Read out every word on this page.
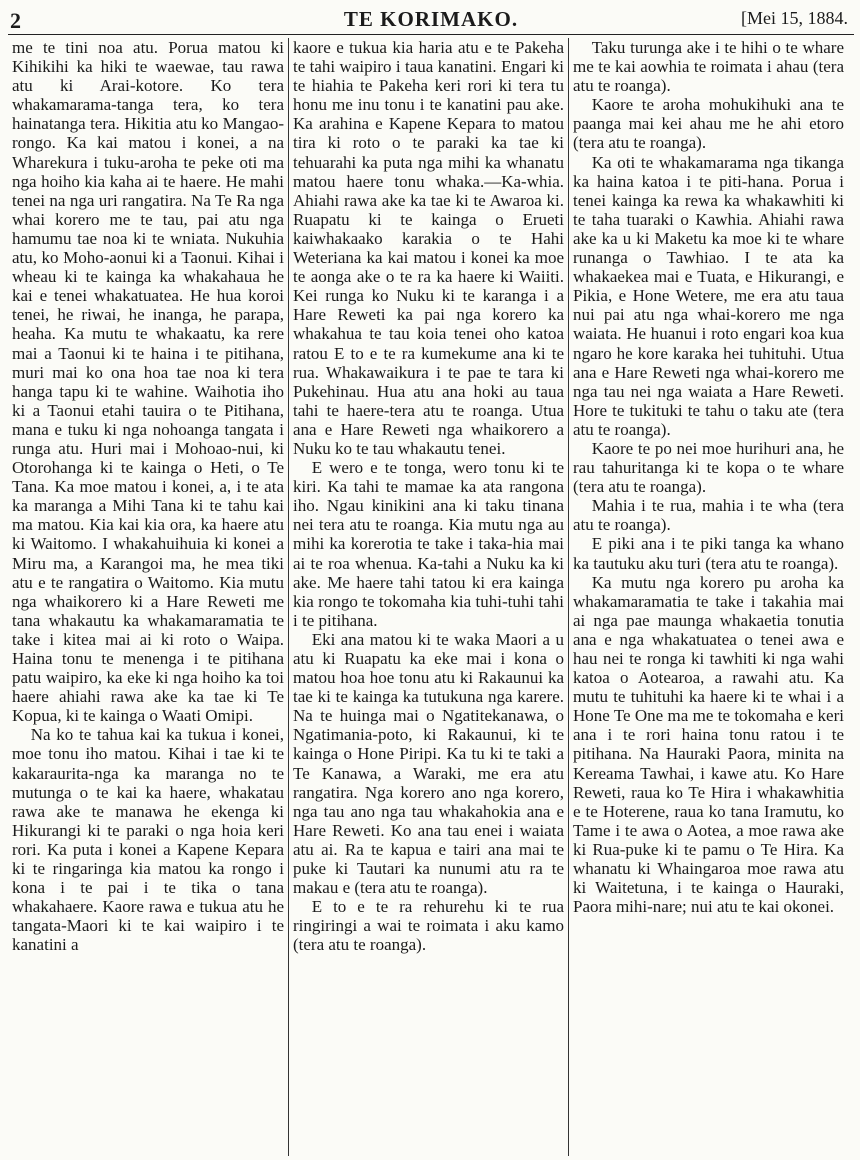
2	TE KORIMAKO.	[Mei 15, 1884.

me te tini noa atu. Porua matou ki Kihikihi ka hiki te waewae, tau rawa atu ki Arai-kotore. Ko tera whakamarama-tanga tera, ko tera hainatanga tera. Hikitia atu ko Mangao-rongo. Ka kai matou i konei, a na Wharekura i tuku-aroha te peke oti ma nga hoiho kia kaha ai te haere. He mahi tenei na nga uri rangatira. Na Te Ra nga whai korero me te tau, pai atu nga hamumu tae noa ki te wniata. Nukuhia atu, ko Moho-aonui ki a Taonui. Kihai i wheau ki te kainga ka whakahaua he kai e tenei whakatuatea. He hua koroi tenei, he riwai, he inanga, he parapa, heaha. Ka mutu te whakaatu, ka rere mai a Taonui ki te haina i te pitihana, muri mai ko ona hoa tae noa ki tera hanga tapu ki te wahine. Waihotia iho ki a Taonui etahi tauira o te Pitihana, mana e tuku ki nga nohoanga tangata i runga atu. Huri mai i Mohoao-nui, ki Otorohanga ki te kainga o Heti, o Te Tana. Ka moe matou i konei, a, i te ata ka maranga a Mihi Tana ki te tahu kai ma matou. Kia kai kia ora, ka haere atu ki Waitomo. I whakahuihuia ki konei a Miru ma, a Karangoi ma, he mea tiki atu e te rangatira o Waitomo. Kia mutu nga whaikorero ki a Hare Reweti me tana whakautu ka whakamaramatia te take i kitea mai ai ki roto o Waipa. Haina tonu te menenga i te pitihana patu waipiro, ka eke ki nga hoiho ka toi haere ahiahi rawa ake ka tae ki Te Kopua, ki te kainga o Waati Omipi.

Na ko te tahua kai ka tukua i konei, moe tonu iho matou. Kihai i tae ki te kakaraurita-nga ka maranga no te mutunga o te kai ka haere, whakatau rawa ake te manawa he ekenga ki Hikurangi ki te paraki o nga hoia keri rori. Ka puta i konei a Kapene Kepara ki te ringaringa kia matou ka rongo i kona i te pai i te tika o tana whakahaere. Kaore rawa e tukua atu he tangata-Maori ki te kai waipiro i te kanatini a

kaore e tukua kia haria atu e te Pakeha te tahi waipiro i taua kanatini. Engari ki te hiahia te Pakeha keri rori ki tera tu honu me inu tonu i te kanatini pau ake. Ka arahina e Kapene Kepara to matou tira ki roto o te paraki ka tae ki tehuarahi ka puta nga mihi ka whanatu matou haere tonu whaka.—Ka-whia. Ahiahi rawa ake ka tae ki te Awaroa ki. Ruapatu ki te kainga o Erueti kaiwhakaako karakia o te Hahi Weteriana ka kai matou i konei ka moe te aonga ake o te ra ka haere ki Waiiti. Kei runga ko Nuku ki te karanga i a Hare Reweti ka pai nga korero ka whakahua te tau koia tenei oho katoa ratou E to e te ra kumekume ana ki te rua. Whakawaikura i te pae te tara ki Pukehinau. Hua atu ana hoki au taua tahi te haere-tera atu te roanga. Utua ana e Hare Reweti nga whaikorero a Nuku ko te tau whakautu tenei.

E wero e te tonga, wero tonu ki te kiri. Ka tahi te mamae ka ata rangona iho. Ngau kinikini ana ki taku tinana nei tera atu te roanga. Kia mutu nga au mihi ka korerotia te take i taka-hia mai ai te roa whenua. Ka-tahi a Nuku ka ki ake. Me haere tahi tatou ki era kainga kia rongo te tokomaha kia tuhi-tuhi tahi i te pitihana.

Eki ana matou ki te waka Maori a u atu ki Ruapatu ka eke mai i kona o matou hoa hoe tonu atu ki Rakaunui ka tae ki te kainga ka tutukuna nga karere. Na te huinga mai o Ngatitekanawa, o Ngatimania-poto, ki Rakaunui, ki te kainga o Hone Piripi. Ka tu ki te taki a Te Kanawa, a Waraki, me era atu rangatira. Nga korero ano nga korero, nga tau ano nga tau whakahokia ana e Hare Reweti. Ko ana tau enei i waiata atu ai. Ra te kapua e tairi ana mai te puke ki Tautari ka nunumi atu ra te makau e (tera atu te roanga).

E to e te ra rehurehu ki te rua ringiringi a wai te roimata i aku kamo (tera atu te roanga).

Taku turunga ake i te hihi o te whare me te kai aowhia te roimata i ahau (tera atu te roanga).

Kaore te aroha mohukihuki ana te paanga mai kei ahau me he ahi etoro (tera atu te roanga).

Ka oti te whakamarama nga tikanga ka haina katoa i te piti-hana. Porua i tenei kainga ka rewa ka whakawhiti ki te taha tuaraki o Kawhia. Ahiahi rawa ake ka u ki Maketu ka moe ki te whare runanga o Tawhiao. I te ata ka whakaekea mai e Tuata, e Hikurangi, e Pikia, e Hone Wetere, me era atu taua nui pai atu nga whai-korero me nga waiata. He huanui i roto engari koa kua ngaro he kore karaka hei tuhituhi. Utua ana e Hare Reweti nga whai-korero me nga tau nei nga waiata a Hare Reweti. Hore te tukituki te tahu o taku ate (tera atu te roanga).

Kaore te po nei moe hurihuri ana, he rau tahuritanga ki te kopa o te whare (tera atu te roanga).

Mahia i te rua, mahia i te wha (tera atu te roanga).

E piki ana i te piki tanga ka whano ka tautuku aku turi (tera atu te roanga).

Ka mutu nga korero pu aroha ka whakamaramatia te take i takahia mai ai nga pae maunga whakaetia tonutia ana e nga whakatuatea o tenei awa e hau nei te ronga ki tawhiti ki nga wahi katoa o Aotearoa, a rawahi atu. Ka mutu te tuhituhi ka haere ki te whai i a Hone Te One ma me te tokomaha e keri ana i te rori haina tonu ratou i te pitihana. Na Hauraki Paora, minita na Kereama Tawhai, i kawe atu. Ko Hare Reweti, raua ko Te Hira i whakawhitia e te Hoterene, raua ko tana Iramutu, ko Tame i te awa o Aotea, a moe rawa ake ki Rua-puke ki te pamu o Te Hira. Ka whanatu ki Whaingaroa moe rawa atu ki Waitetuna, i te kainga o Hauraki, Paora mihi-nare; nui atu te kai okonei.
